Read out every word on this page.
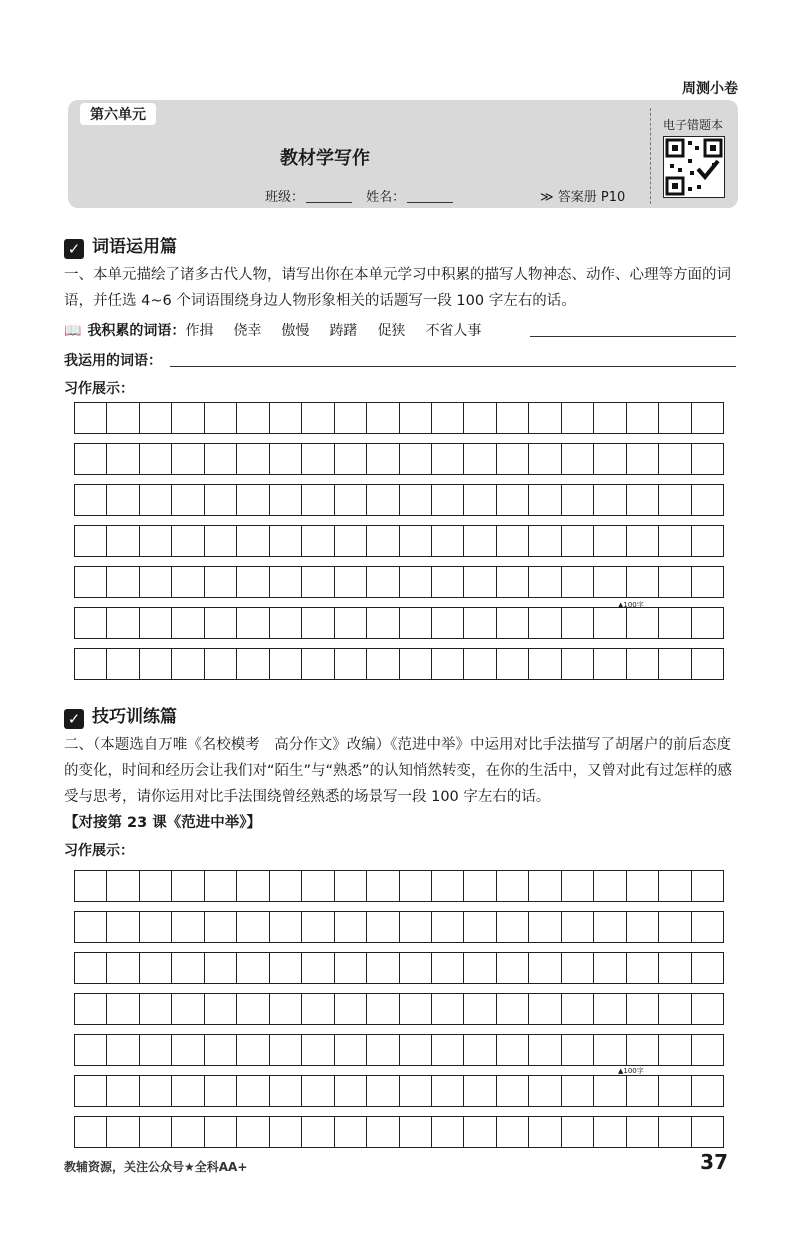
周测小卷
第六单元
教材学写作
班级：	姓名：	≫ 答案册 P10
电子错题本
✓ 词语运用篇
一、本单元描绘了诸多古代人物，请写出你在本单元学习中积累的描写人物神态、动作、心理等方面的词语，并任选 4~6 个词语围绕身边人物形象相关的话题写一段 100 字左右的话。
📖 我积累的词语：作揖 侥幸 傲慢 踌躇 促狭 不省人事
我运用的词语：
习作展示：
▲100字
✓ 技巧训练篇
二、（本题选自万唯《名校模考　高分作文》改编）《范进中举》中运用对比手法描写了胡屠户的前后态度的变化，时间和经历会让我们对“陌生”与“熟悉”的认知悄然转变，在你的生活中，又曾对此有过怎样的感受与思考，请你运用对比手法围绕曾经熟悉的场景写一段 100 字左右的话。【对接第 23 课《范进中举》】
习作展示：
▲100字
教辅资源，关注公众号★全科AA+	37
